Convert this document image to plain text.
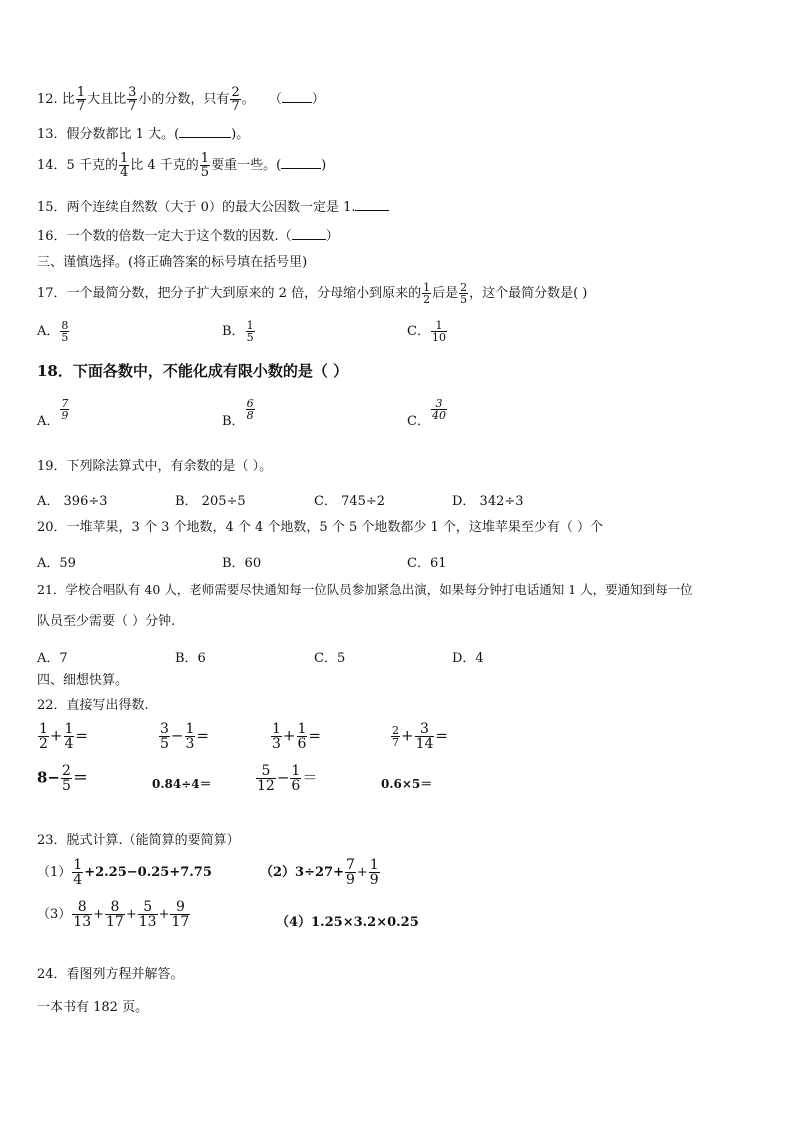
12. 比 $\frac{1}{7}$ 大且比 $\frac{3}{7}$ 小的分数，只有 $\frac{2}{7}$ 。 （ ）
13．假分数都比 1 大。(	)。
14．5 千克的 $\frac{1}{4}$ 比 4 千克的 $\frac{1}{5}$ 要重一些。(	)
15．两个连续自然数（大于 0）的最大公因数一定是 1.
16．一个数的倍数一定大于这个数的因数.（	）
三、谨慎选择。(将正确答案的标号填在括号里)
17．一个最简分数，把分子扩大到原来的 2 倍，分母缩小到原来的 $\frac{1}{2}$ 后是 $\frac{2}{5}$ ，这个最简分数是( )
A． $\frac{8}{5}$	B． $\frac{1}{5}$	C． $\frac{1}{10}$
18．下面各数中，不能化成有限小数的是（ ）
A．
$\frac{7}{9}$
B．
$\frac{6}{8}$
C．
$\frac{3}{40}$
19．下列除法算式中，有余数的是（ ）。
A． 396÷3	B． 205÷5	C． 745÷2	D． 342÷3
20．一堆苹果，3 个 3 个地数，4 个 4 个地数，5 个 5 个地数都少 1 个，这堆苹果至少有（ ）个
A．59	B．60	C．61
21．学校合唱队有 40 人，老师需要尽快通知每一位队员参加紧急出演，如果每分钟打电话通知 1 人，要通知到每一位
队员至少需要（ ）分钟.
A．7	B．6	C．5	D．4
四、细想快算。
22．直接写出得数.
$\frac{1}{2} + \frac{1}{4}$ =	$\frac{3}{5} - \frac{1}{3}$ =	$\frac{1}{3} + \frac{1}{6}$ =	$\frac{2}{7} + \frac{3}{14}$ =
$8- \frac{2}{5}$ ＝	0.84÷4＝	$\frac{5}{12} - \frac{1}{6}$ ＝	0.6×5＝
23．脱式计算.（能简算的要简算）
$(1) \frac{1}{4} +2.25-0.25+7.75$	$(2)3\div 27+ \frac{7}{9} + \frac{1}{9}$
$(3) \frac{8}{13} + \frac{8}{17} + \frac{5}{13} + \frac{9}{17}$	（4）1.25×3.2×0.25
24．看图列方程并解答。
一本书有 182 页。
